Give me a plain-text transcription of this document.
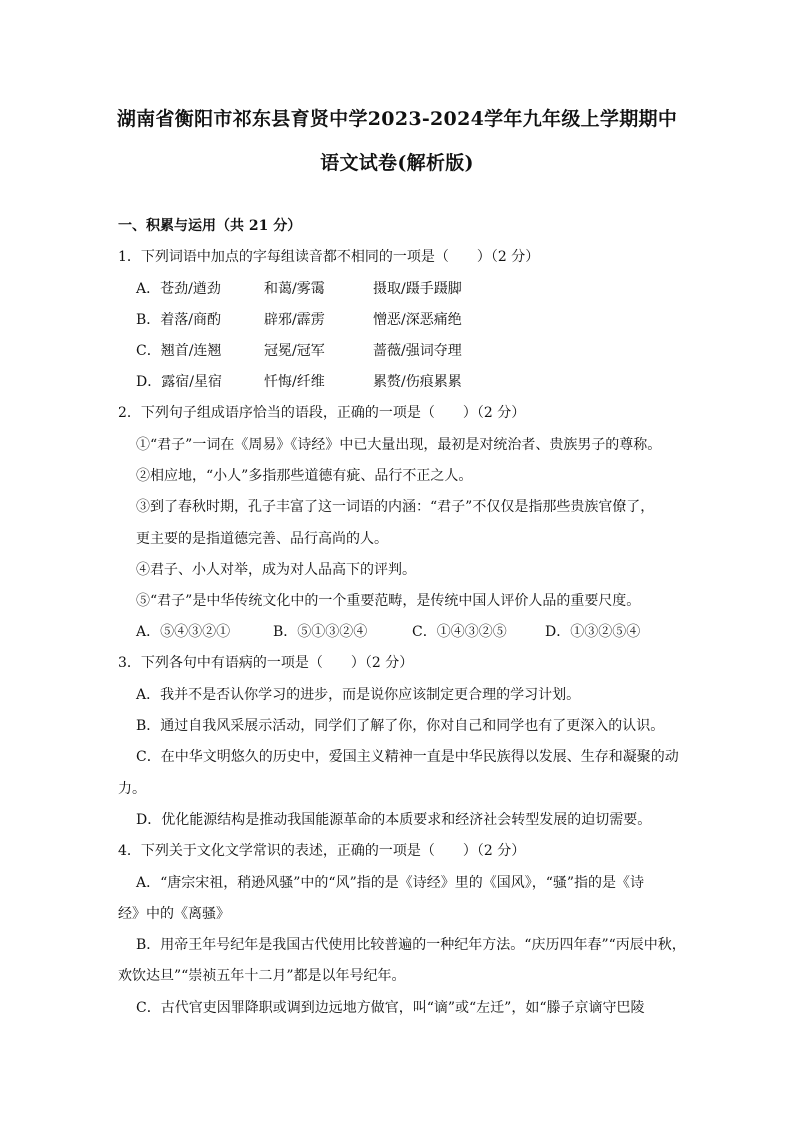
湖南省衡阳市祁东县育贤中学2023-2024学年九年级上学期期中
语文试卷(解析版)
一、积累与运用（共 21 分）
1．下列词语中加点的字每组读音都不相同的一项是（　　）（2 分）
A．苍劲/遒劲	和蔼/雾霭	摄取/蹑手蹑脚
B．着落/商酌	辟邪/霹雳	憎恶/深恶痛绝
C．翘首/连翘	冠冕/冠军	蔷薇/强词夺理
D．露宿/星宿	忏悔/纤维	累赘/伤痕累累
2．下列句子组成语序恰当的语段，正确的一项是（　　）（2 分）
①“君子”一词在《周易》《诗经》中已大量出现，最初是对统治者、贵族男子的尊称。
②相应地，“小人”多指那些道德有疵、品行不正之人。
③到了春秋时期，孔子丰富了这一词语的内涵：“君子”不仅仅是指那些贵族官僚了，
更主要的是指道德完善、品行高尚的人。
④君子、小人对举，成为对人品高下的评判。
⑤“君子”是中华传统文化中的一个重要范畴，是传统中国人评价人品的重要尺度。
A．⑤④③②①	B．⑤①③②④	C．①④③②⑤	D．①③②⑤④
3．下列各句中有语病的一项是（　　）（2 分）
A．我并不是否认你学习的进步，而是说你应该制定更合理的学习计划。
B．通过自我风采展示活动，同学们了解了你，你对自己和同学也有了更深入的认识。
C．在中华文明悠久的历史中，爱国主义精神一直是中华民族得以发展、生存和凝聚的动
力。
D．优化能源结构是推动我国能源革命的本质要求和经济社会转型发展的迫切需要。
4．下列关于文化文学常识的表述，正确的一项是（　　）（2 分）
A．“唐宗宋祖，稍逊风骚”中的“风”指的是《诗经》里的《国风》，“骚”指的是《诗
经》中的《离骚》
B．用帝王年号纪年是我国古代使用比较普遍的一种纪年方法。“庆历四年春”“丙辰中秋，
欢饮达旦”“崇祯五年十二月”都是以年号纪年。
C．古代官吏因罪降职或调到边远地方做官，叫“谪”或“左迁”，如“滕子京谪守巴陵
